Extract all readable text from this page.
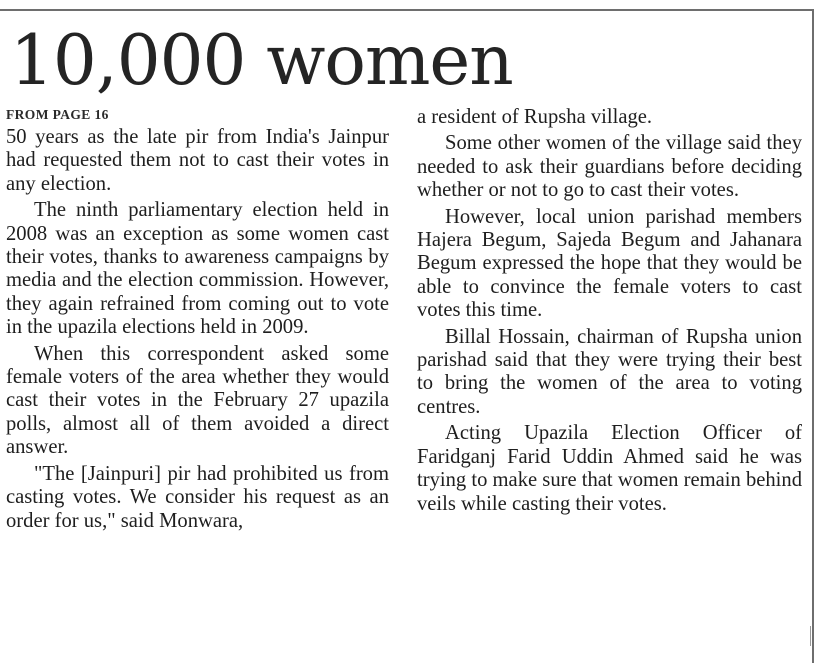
10,000 women
FROM PAGE 16

50 years as the late pir from India's Jainpur had requested them not to cast their votes in any election.

The ninth parliamentary election held in 2008 was an exception as some women cast their votes, thanks to awareness campaigns by media and the election commission. However, they again refrained from coming out to vote in the upazila elections held in 2009.

When this correspondent asked some female voters of the area whether they would cast their votes in the February 27 upazila polls, almost all of them avoided a direct answer.

"The [Jainpuri] pir had prohibited us from casting votes. We consider his request as an order for us," said Monwara,

a resident of Rupsha village.

Some other women of the village said they needed to ask their guardians before deciding whether or not to go to cast their votes.

However, local union parishad members Hajera Begum, Sajeda Begum and Jahanara Begum expressed the hope that they would be able to convince the female voters to cast votes this time.

Billal Hossain, chairman of Rupsha union parishad said that they were trying their best to bring the women of the area to voting centres.

Acting Upazila Election Officer of Faridganj Farid Uddin Ahmed said he was trying to make sure that women remain behind veils while casting their votes.
